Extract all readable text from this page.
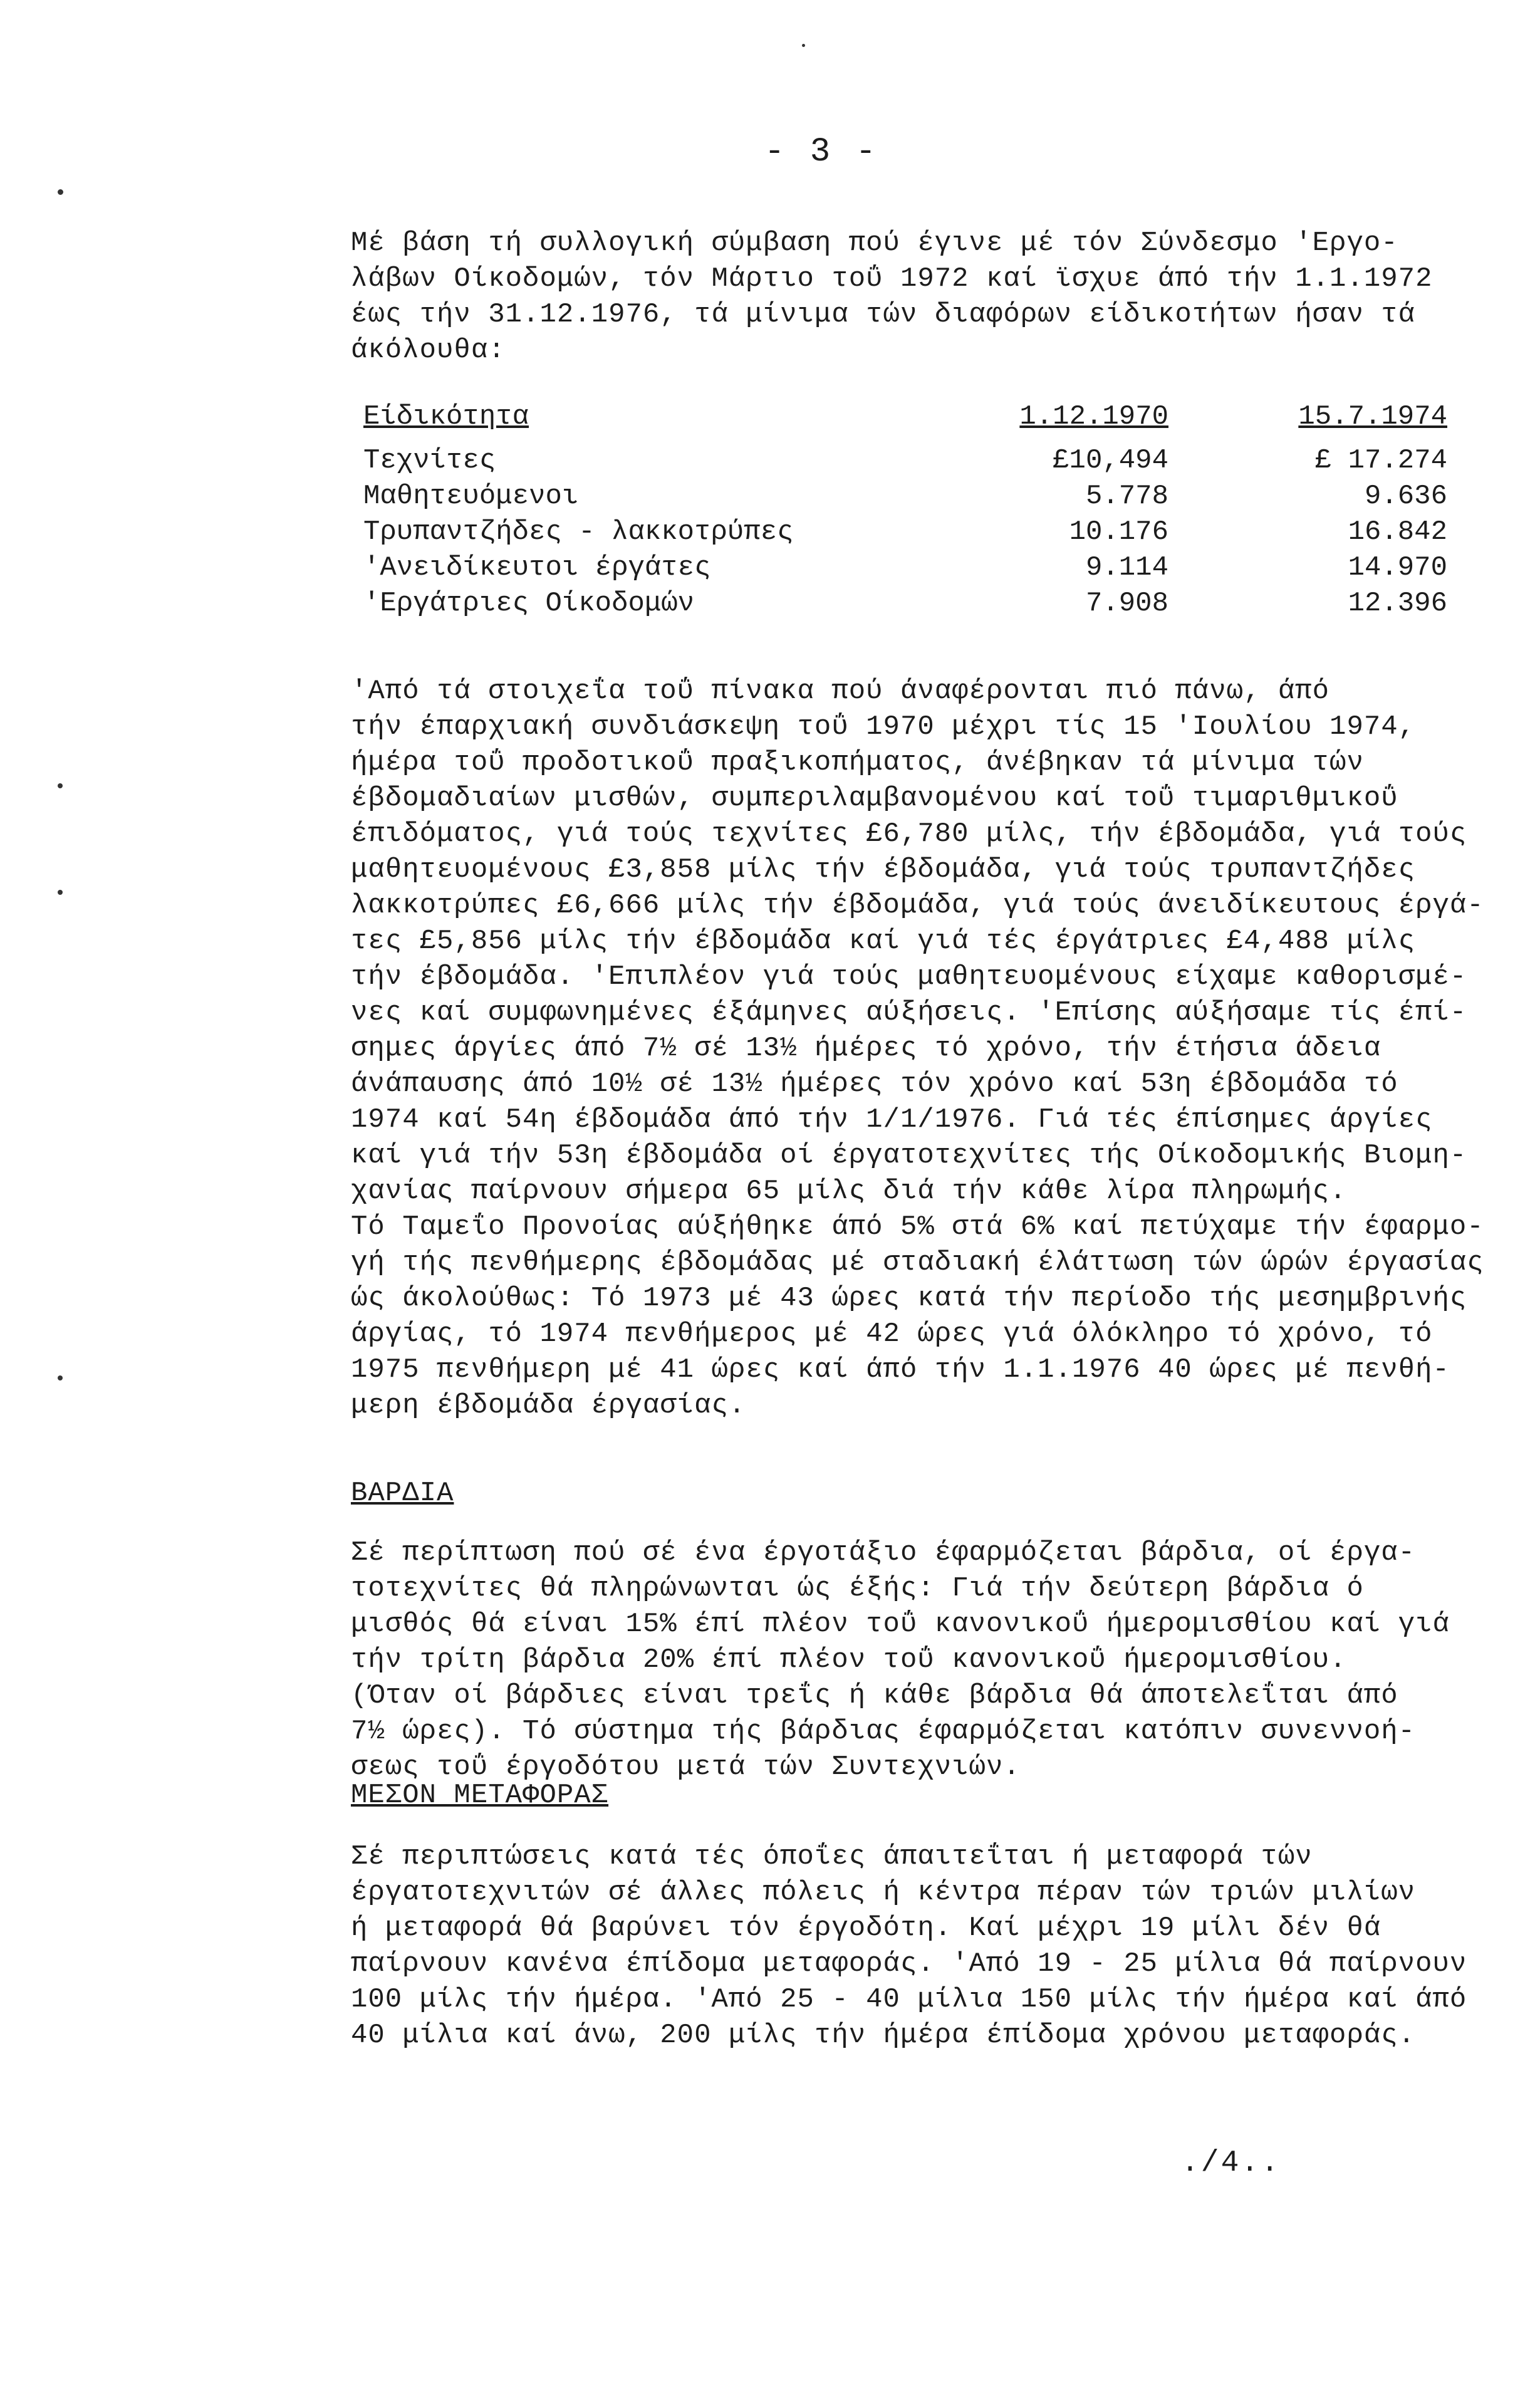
- 3 -
Μέ βάση τή συλλογική σύμβαση πού έγινε μέ τόν Σύνδεσμο 'Εργο-
λάβων Οίκοδομών, τόν Μάρτιο τοΰ 1972 καί ϊσχυε άπό τήν 1.1.1972
έως τήν 31.12.1976, τά μίνιμα τών διαφόρων είδικοτήτων ήσαν τά
άκόλουθα:
Είδικότητα	1.12.1970	15.7.1974
Τεχνίτες	£10,494	£ 17.274
Μαθητευόμενοι	5.778	9.636
Τρυπαντζήδες - λακκοτρύπες	10.176	16.842
'Ανειδίκευτοι έργάτες	9.114	14.970
'Εργάτριες Οίκοδομών	7.908	12.396
'Από τά στοιχεΐα τοΰ πίνακα πού άναφέρονται πιό πάνω, άπό
τήν έπαρχιακή συνδιάσκεψη τοΰ 1970 μέχρι τίς 15 'Ιουλίου 1974,
ήμέρα τοΰ προδοτικοΰ πραξικοπήματος, άνέβηκαν τά μίνιμα τών
έβδομαδιαίων μισθών, συμπεριλαμβανομένου καί τοΰ τιμαριθμικοΰ
έπιδόματος, γιά τούς τεχνίτες £6,780 μίλς, τήν έβδομάδα, γιά τούς
μαθητευομένους £3,858 μίλς τήν έβδομάδα, γιά τούς τρυπαντζήδες
λακκοτρύπες £6,666 μίλς τήν έβδομάδα, γιά τούς άνειδίκευτους έργά-
τες £5,856 μίλς τήν έβδομάδα καί γιά τές έργάτριες £4,488 μίλς
τήν έβδομάδα. 'Επιπλέον γιά τούς μαθητευομένους είχαμε καθορισμέ-
νες καί συμφωνημένες έξάμηνες αύξήσεις. 'Επίσης αύξήσαμε τίς έπί-
σημες άργίες άπό 7½ σέ 13½ ήμέρες τό χρόνο, τήν έτήσια άδεια
άνάπαυσης άπό 10½ σέ 13½ ήμέρες τόν χρόνο καί 53η έβδομάδα τό
1974 καί 54η έβδομάδα άπό τήν 1/1/1976. Γιά τές έπίσημες άργίες
καί γιά τήν 53η έβδομάδα οί έργατοτεχνίτες τής Οίκοδομικής Βιομη-
χανίας παίρνουν σήμερα 65 μίλς διά τήν κάθε λίρα πληρωμής.
Τό Ταμεΐο Προνοίας αύξήθηκε άπό 5% στά 6% καί πετύχαμε τήν έφαρμο-
γή τής πενθήμερης έβδομάδας μέ σταδιακή έλάττωση τών ώρών έργασίας
ώς άκολούθως: Τό 1973 μέ 43 ώρες κατά τήν περίοδο τής μεσημβρινής
άργίας, τό 1974 πενθήμερος μέ 42 ώρες γιά όλόκληρο τό χρόνο, τό
1975 πενθήμερη μέ 41 ώρες καί άπό τήν 1.1.1976 40 ώρες μέ πενθή-
μερη έβδομάδα έργασίας.
ΒΑΡΔΙΑ
Σέ περίπτωση πού σέ ένα έργοτάξιο έφαρμόζεται βάρδια, οί έργα-
τοτεχνίτες θά πληρώνωνται ώς έξής: Γιά τήν δεύτερη βάρδια ό
μισθός θά είναι 15% έπί πλέον τοΰ κανονικοΰ ήμερομισθίου καί γιά
τήν τρίτη βάρδια 20% έπί πλέον τοΰ κανονικοΰ ήμερομισθίου.
(Όταν οί βάρδιες είναι τρεΐς ή κάθε βάρδια θά άποτελεΐται άπό
7½ ώρες). Τό σύστημα τής βάρδιας έφαρμόζεται κατόπιν συνεννοή-
σεως τοΰ έργοδότου μετά τών Συντεχνιών.
ΜΕΣΟΝ ΜΕΤΑΦΟΡΑΣ
Σέ περιπτώσεις κατά τές όποΐες άπαιτεΐται ή μεταφορά τών
έργατοτεχνιτών σέ άλλες πόλεις ή κέντρα πέραν τών τριών μιλίων
ή μεταφορά θά βαρύνει τόν έργοδότη. Καί μέχρι 19 μίλι δέν θά
παίρνουν κανένα έπίδομα μεταφοράς. 'Από 19 - 25 μίλια θά παίρνουν
100 μίλς τήν ήμέρα. 'Από 25 - 40 μίλια 150 μίλς τήν ήμέρα καί άπό
40 μίλια καί άνω, 200 μίλς τήν ήμέρα έπίδομα χρόνου μεταφοράς.
./4..
